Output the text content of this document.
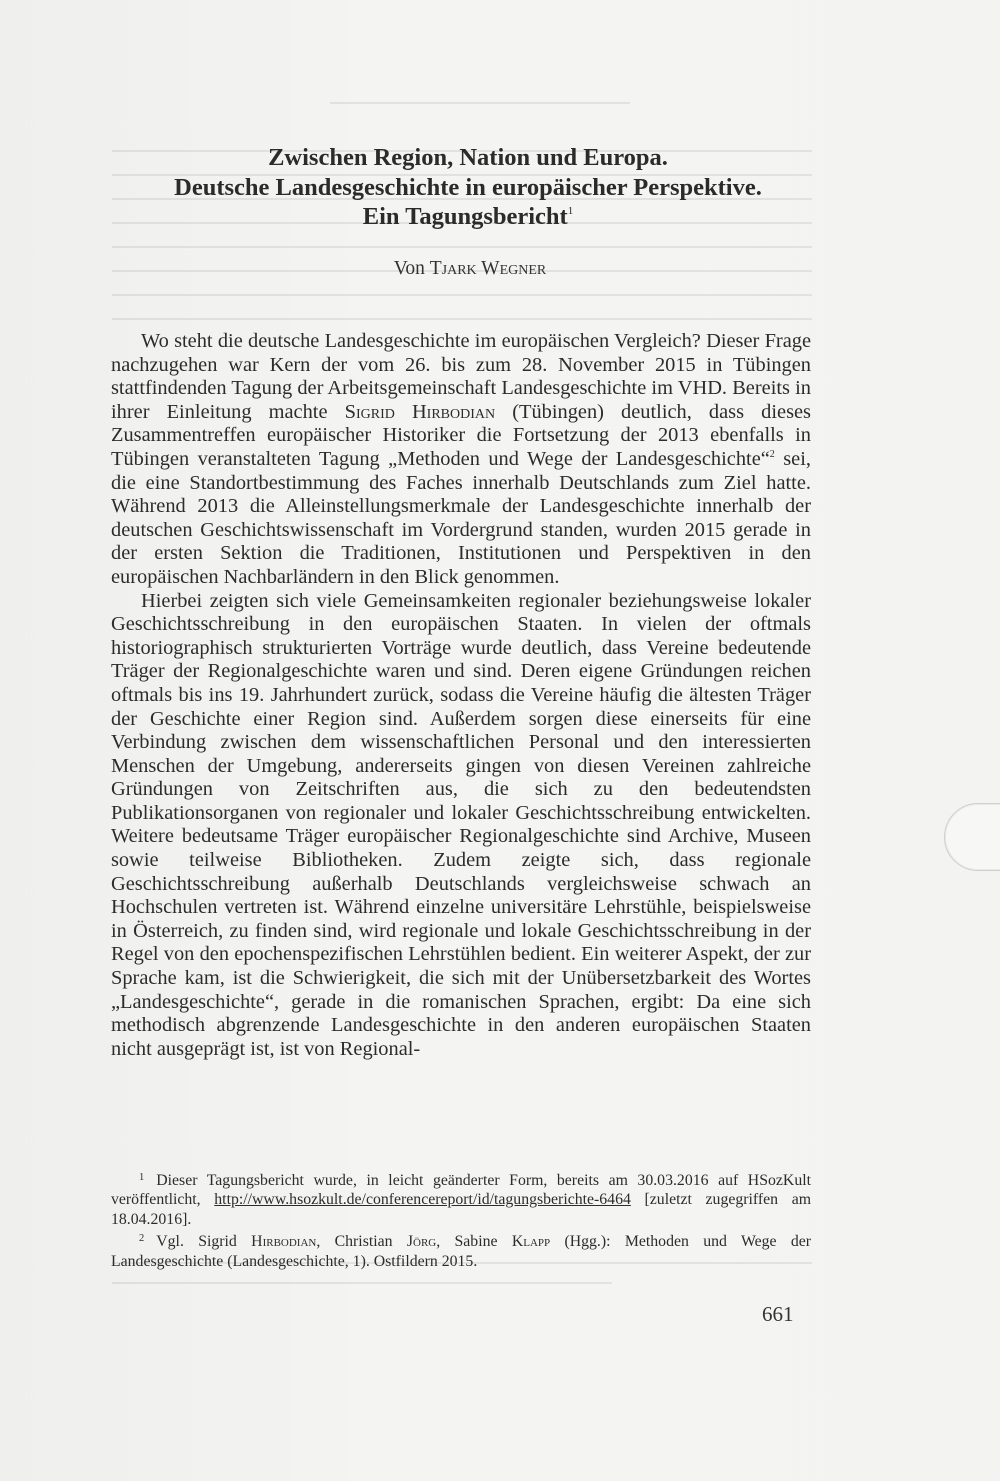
Zwischen Region, Nation und Europa.
Deutsche Landesgeschichte in europäischer Perspektive.
Ein Tagungsbericht$^1$
Von Tjark Wegner

Wo steht die deutsche Landesgeschichte im europäischen Vergleich? Dieser Frage nachzugehen war Kern der vom 26. bis zum 28. November 2015 in Tübingen stattfindenden Tagung der Arbeitsgemeinschaft Landesgeschichte im VHD. Bereits in ihrer Einleitung machte Sigrid Hirbodian (Tübingen) deutlich, dass dieses Zusammentreffen europäischer Historiker die Fortsetzung der 2013 ebenfalls in Tübingen veranstalteten Tagung „Methoden und Wege der Landesgeschichte“$^2$ sei, die eine Standortbestimmung des Faches innerhalb Deutschlands zum Ziel hatte. Während 2013 die Alleinstellungsmerkmale der Landesgeschichte innerhalb der deutschen Geschichtswissenschaft im Vordergrund standen, wurden 2015 gerade in der ersten Sektion die Traditionen, Institutionen und Perspektiven in den europäischen Nachbarländern in den Blick genommen.

Hierbei zeigten sich viele Gemeinsamkeiten regionaler beziehungsweise lokaler Geschichtsschreibung in den europäischen Staaten. In vielen der oftmals historiographisch strukturierten Vorträge wurde deutlich, dass Vereine bedeutende Träger der Regionalgeschichte waren und sind. Deren eigene Gründungen reichen oftmals bis ins 19. Jahrhundert zurück, sodass die Vereine häufig die ältesten Träger der Geschichte einer Region sind. Außerdem sorgen diese einerseits für eine Verbindung zwischen dem wissenschaftlichen Personal und den interessierten Menschen der Umgebung, andererseits gingen von diesen Vereinen zahlreiche Gründungen von Zeitschriften aus, die sich zu den bedeutendsten Publikationsorganen von regionaler und lokaler Geschichtsschreibung entwickelten. Weitere bedeutsame Träger europäischer Regionalgeschichte sind Archive, Museen sowie teilweise Bibliotheken. Zudem zeigte sich, dass regionale Geschichtsschreibung außerhalb Deutschlands vergleichsweise schwach an Hochschulen vertreten ist. Während einzelne universitäre Lehrstühle, beispielsweise in Österreich, zu finden sind, wird regionale und lokale Geschichtsschreibung in der Regel von den epochenspezifischen Lehrstühlen bedient. Ein weiterer Aspekt, der zur Sprache kam, ist die Schwierigkeit, die sich mit der Unübersetzbarkeit des Wortes „Landesgeschichte“, gerade in die romanischen Sprachen, ergibt: Da eine sich methodisch abgrenzende Landesgeschichte in den anderen europäischen Staaten nicht ausgeprägt ist, ist von Regional-

$^1$ Dieser Tagungsbericht wurde, in leicht geänderter Form, bereits am 30.03.2016 auf HSozKult veröffentlicht, http://www.hsozkult.de/conferencereport/id/tagungsberichte-6464 [zuletzt zugegriffen am 18.04.2016].
$^2$ Vgl. Sigrid Hirbodian, Christian Jörg, Sabine Klapp (Hgg.): Methoden und Wege der Landesgeschichte (Landesgeschichte, 1). Ostfildern 2015.
661
